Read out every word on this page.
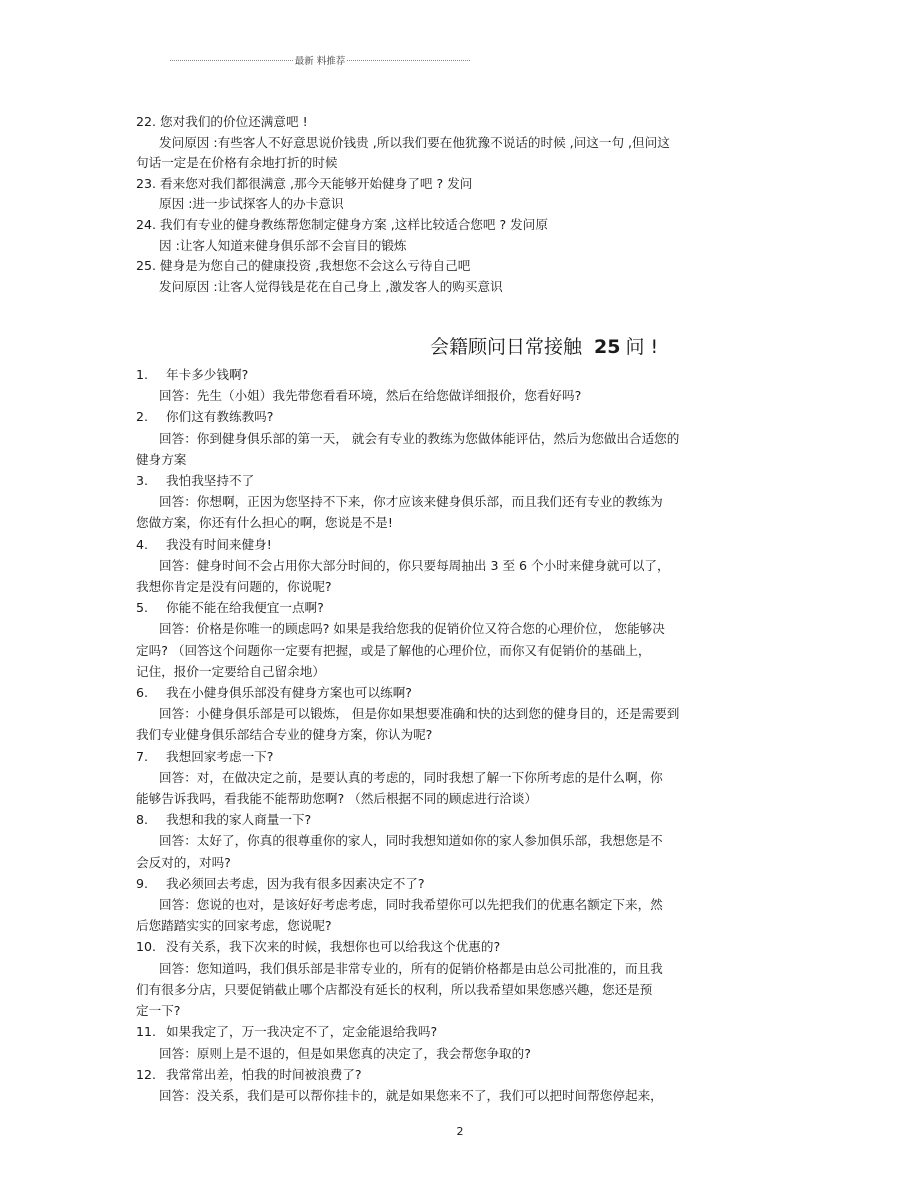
最新 料推荐
22. 您对我们的价位还满意吧 !
发问原因 :有些客人不好意思说价钱贵 ,所以我们要在他犹豫不说话的时候 ,问这一句 ,但问这
句话一定是在价格有余地打折的时候
23. 看来您对我们都很满意 ,那今天能够开始健身了吧 ? 发问
原因 :进一步试探客人的办卡意识
24. 我们有专业的健身教练帮您制定健身方案 ,这样比较适合您吧 ? 发问原
因 :让客人知道来健身俱乐部不会盲目的锻炼
25. 健身是为您自己的健康投资 ,我想您不会这么亏待自己吧
发问原因 :让客人觉得钱是花在自己身上 ,激发客人的购买意识
会籍顾问日常接触 25 问 !
1. 年卡多少钱啊?
回答：先生（小姐）我先带您看看环境，然后在给您做详细报价，您看好吗?
2. 你们这有教练教吗?
回答：你到健身俱乐部的第一天， 就会有专业的教练为您做体能评估，然后为您做出合适您的
健身方案
3. 我怕我坚持不了
回答：你想啊，正因为您坚持不下来，你才应该来健身俱乐部，而且我们还有专业的教练为
您做方案，你还有什么担心的啊，您说是不是!
4. 我没有时间来健身!
回答：健身时间不会占用你大部分时间的，你只要每周抽出 3 至 6 个小时来健身就可以了，
我想你肯定是没有问题的，你说呢?
5. 你能不能在给我便宜一点啊?
回答：价格是你唯一的顾虑吗? 如果是我给您我的促销价位又符合您的心理价位， 您能够决
定吗? （回答这个问题你一定要有把握，或是了解他的心理价位，而你又有促销价的基础上，
记住，报价一定要给自己留余地）
6. 我在小健身俱乐部没有健身方案也可以练啊?
回答：小健身俱乐部是可以锻炼， 但是你如果想要准确和快的达到您的健身目的，还是需要到
我们专业健身俱乐部结合专业的健身方案，你认为呢?
7. 我想回家考虑一下?
回答：对，在做决定之前，是要认真的考虑的，同时我想了解一下你所考虑的是什么啊，你
能够告诉我吗，看我能不能帮助您啊? （然后根据不同的顾虑进行洽谈）
8. 我想和我的家人商量一下?
回答：太好了，你真的很尊重你的家人，同时我想知道如你的家人参加俱乐部，我想您是不
会反对的，对吗?
9. 我必须回去考虑，因为我有很多因素决定不了?
回答：您说的也对，是该好好考虑考虑，同时我希望你可以先把我们的优惠名额定下来，然
后您踏踏实实的回家考虑，您说呢?
10. 没有关系，我下次来的时候，我想你也可以给我这个优惠的?
回答：您知道吗，我们俱乐部是非常专业的，所有的促销价格都是由总公司批准的，而且我
们有很多分店，只要促销截止哪个店都没有延长的权利，所以我希望如果您感兴趣，您还是预
定一下?
11. 如果我定了，万一我决定不了，定金能退给我吗?
回答：原则上是不退的，但是如果您真的决定了，我会帮您争取的?
12. 我常常出差，怕我的时间被浪费了?
回答：没关系，我们是可以帮你挂卡的，就是如果您来不了，我们可以把时间帮您停起来，
2
